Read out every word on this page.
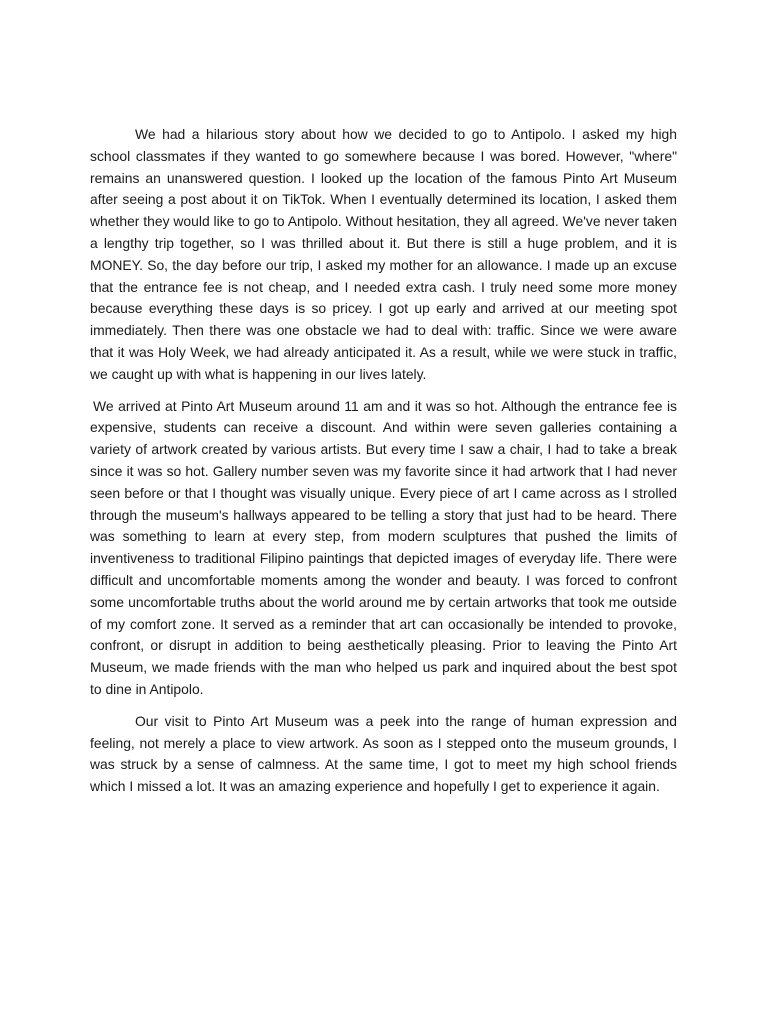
We had a hilarious story about how we decided to go to Antipolo. I asked my high school classmates if they wanted to go somewhere because I was bored. However, "where" remains an unanswered question. I looked up the location of the famous Pinto Art Museum after seeing a post about it on TikTok. When I eventually determined its location, I asked them whether they would like to go to Antipolo. Without hesitation, they all agreed. We've never taken a lengthy trip together, so I was thrilled about it. But there is still a huge problem, and it is MONEY. So, the day before our trip, I asked my mother for an allowance. I made up an excuse that the entrance fee is not cheap, and I needed extra cash. I truly need some more money because everything these days is so pricey. I got up early and arrived at our meeting spot immediately. Then there was one obstacle we had to deal with: traffic. Since we were aware that it was Holy Week, we had already anticipated it. As a result, while we were stuck in traffic, we caught up with what is happening in our lives lately.

We arrived at Pinto Art Museum around 11 am and it was so hot. Although the entrance fee is expensive, students can receive a discount. And within were seven galleries containing a variety of artwork created by various artists. But every time I saw a chair, I had to take a break since it was so hot. Gallery number seven was my favorite since it had artwork that I had never seen before or that I thought was visually unique. Every piece of art I came across as I strolled through the museum's hallways appeared to be telling a story that just had to be heard. There was something to learn at every step, from modern sculptures that pushed the limits of inventiveness to traditional Filipino paintings that depicted images of everyday life. There were difficult and uncomfortable moments among the wonder and beauty. I was forced to confront some uncomfortable truths about the world around me by certain artworks that took me outside of my comfort zone. It served as a reminder that art can occasionally be intended to provoke, confront, or disrupt in addition to being aesthetically pleasing. Prior to leaving the Pinto Art Museum, we made friends with the man who helped us park and inquired about the best spot to dine in Antipolo.

Our visit to Pinto Art Museum was a peek into the range of human expression and feeling, not merely a place to view artwork. As soon as I stepped onto the museum grounds, I was struck by a sense of calmness. At the same time, I got to meet my high school friends which I missed a lot. It was an amazing experience and hopefully I get to experience it again.
